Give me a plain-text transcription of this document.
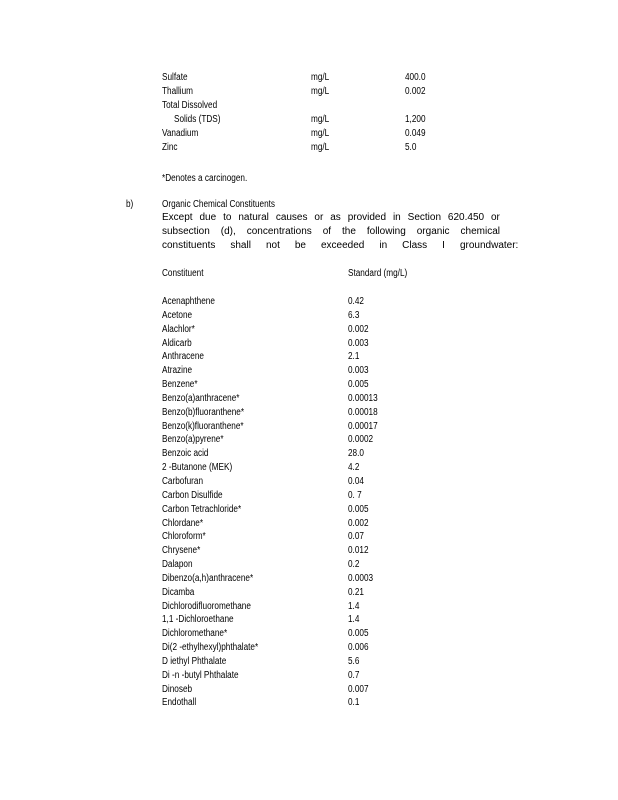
Sulfate	mg/L	400.0
Thallium	mg/L	0.002
Total Dissolved
Solids (TDS)	mg/L	1,200
Vanadium	mg/L	0.049
Zinc	mg/L	5.0
*Denotes a carcinogen.
b)	Organic Chemical Constituents
Except due to natural causes or as provided in Section 620.450 or
subsection (d), concentrations of the following organic chemical
constituents shall not be exceeded in Class I groundwater:
Constituent	Standard (mg/L)
Acenaphthene	0.42
Acetone	6.3
Alachlor*	0.002
Aldicarb	0.003
Anthracene	2.1
Atrazine	0.003
Benzene*	0.005
Benzo(a)anthracene*	0.00013
Benzo(b)fluoranthene*	0.00018
Benzo(k)fluoranthene*	0.00017
Benzo(a)pyrene*	0.0002
Benzoic acid	28.0
2 -Butanone (MEK)	4.2
Carbofuran	0.04
Carbon Disulfide	0. 7
Carbon Tetrachloride*	0.005
Chlordane*	0.002
Chloroform*	0.07
Chrysene*	0.012
Dalapon	0.2
Dibenzo(a,h)anthracene*	0.0003
Dicamba	0.21
Dichlorodifluoromethane	1.4
1,1 -Dichloroethane	1.4
Dichloromethane*	0.005
Di(2 -ethylhexyl)phthalate*	0.006
D iethyl Phthalate	5.6
Di -n -butyl Phthalate	0.7
Dinoseb	0.007
Endothall	0.1
